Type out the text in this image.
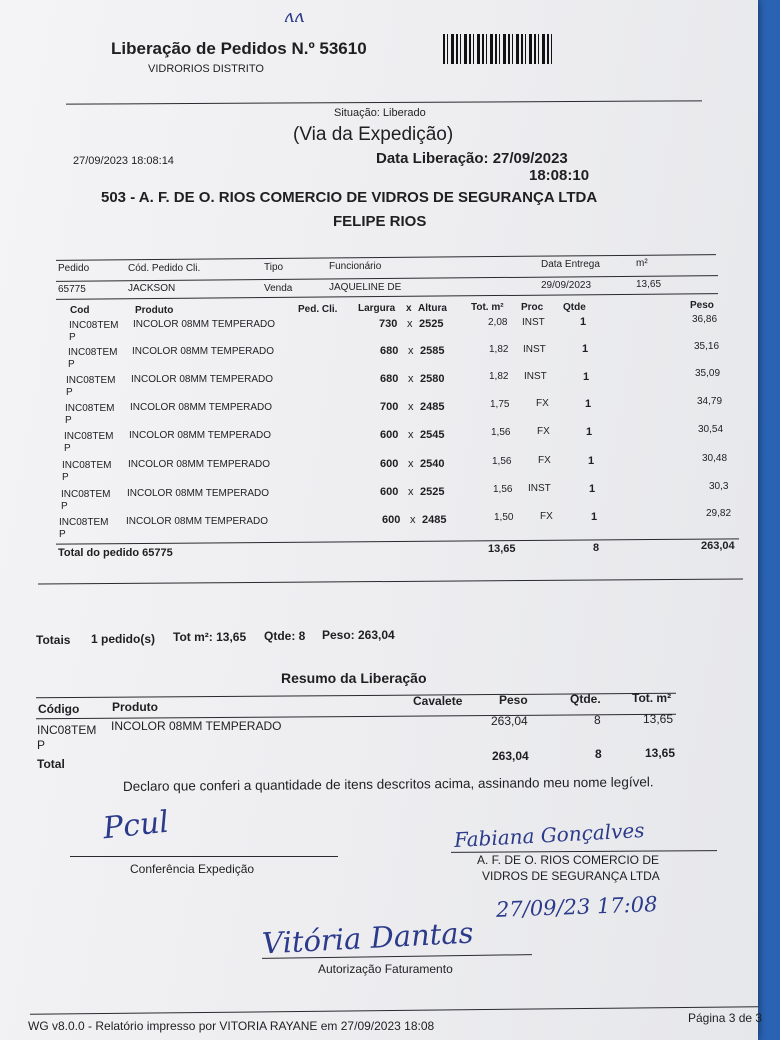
ʌʌ
Liberação de Pedidos N.º 53610
VIDRORIOS DISTRITO
Situação: Liberado
(Via da Expedição)
27/09/2023 18:08:14	Data Liberação: 27/09/2023
18:08:10
503 - A. F. DE O. RIOS COMERCIO DE VIDROS DE SEGURANÇA LTDA
FELIPE RIOS
Pedido	Cód. Pedido Cli.	Tipo	Funcionário	Data Entrega	m²
65775	JACKSON	Venda	JAQUELINE DE	29/09/2023	13,65
Cod	Produto	Ped. Cli. Largura x Altura Tot. m² Proc Qtde	Peso
INC08TEM
P
INCOLOR 08MM TEMPERADO	730 x 2525	2,08 INST	1	36,86
INC08TEM
P
INCOLOR 08MM TEMPERADO	680 x 2585	1,82 INST	1	35,16
INC08TEM
P
INCOLOR 08MM TEMPERADO	680 x 2580	1,82 INST	1	35,09
INC08TEM
P
INCOLOR 08MM TEMPERADO	700 x 2485	1,75	FX	1	34,79
INC08TEM
P
INCOLOR 08MM TEMPERADO	600 x 2545	1,56	FX	1	30,54
INC08TEM
P
INCOLOR 08MM TEMPERADO	600 x 2540	1,56	FX	1	30,48
INC08TEM
P
INCOLOR 08MM TEMPERADO	600 x 2525	1,56 INST	1	30,3
INC08TEM
P
INCOLOR 08MM TEMPERADO	600 x 2485	1,50	FX	1	29,82
Total do pedido 65775	13,65	8	263,04
Totais 1 pedido(s) Tot m²: 13,65 Qtde: 8 Peso: 263,04
Resumo da Liberação
Código	Produto	Cavalete	Peso	Qtde.	Tot. m²
INC08TEM
P
INCOLOR 08MM TEMPERADO	263,04	8	13,65
Total
263,04	8	13,65
Declaro que conferi a quantidade de itens descritos acima, assinando meu nome legível.
Pcul
Conferência Expedição
Fabiana Gonçalves
A. F. DE O. RIOS COMERCIO DE
VIDROS DE SEGURANÇA LTDA
27/09/23 17:08
Vitória Dantas
Autorização Faturamento
WG v8.0.0 - Relatório impresso por VITORIA RAYANE em 27/09/2023 18:08
Página 3 de 3
